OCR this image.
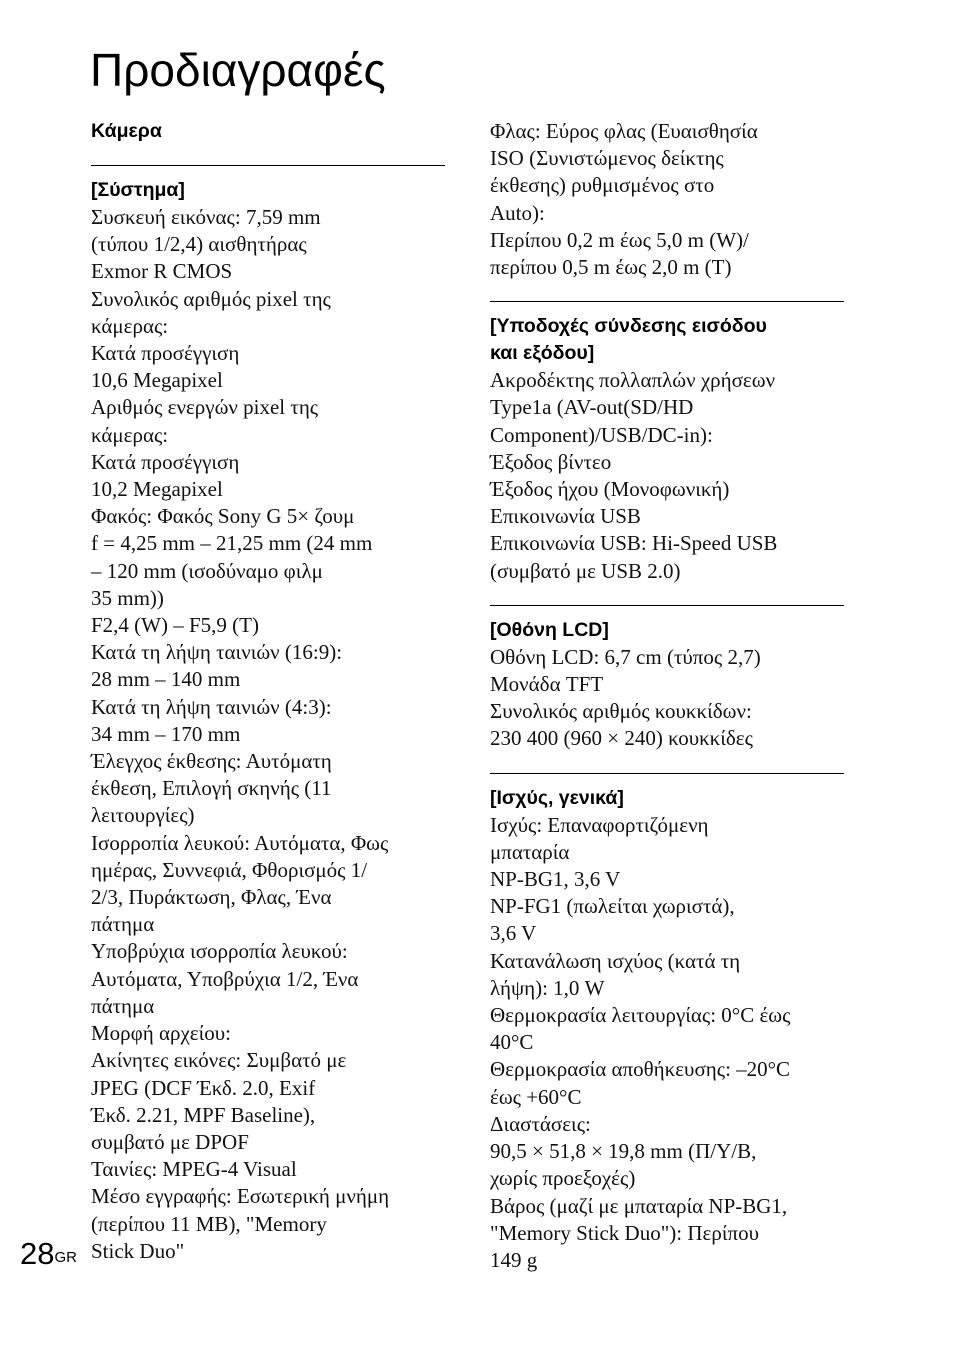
Προδιαγραφές
Κάμερα
[Σύστημα]
Συσκευή εικόνας: 7,59 mm
(τύπου 1/2,4) αισθητήρας
Exmor R CMOS
Συνολικός αριθμός pixel της
κάμερας:
Κατά προσέγγιση
10,6 Megapixel
Αριθμός ενεργών pixel της
κάμερας:
Κατά προσέγγιση
10,2 Megapixel
Φακός: Φακός Sony G 5× ζουμ
f = 4,25 mm – 21,25 mm (24 mm
– 120 mm (ισοδύναμο φιλμ
35 mm))
F2,4 (W) – F5,9 (T)
Κατά τη λήψη ταινιών (16:9):
28 mm – 140 mm
Κατά τη λήψη ταινιών (4:3):
34 mm – 170 mm
Έλεγχος έκθεσης: Αυτόματη
έκθεση, Επιλογή σκηνής (11
λειτουργίες)
Ισορροπία λευκού: Αυτόματα, Φως
ημέρας, Συννεφιά, Φθορισμός 1/
2/3, Πυράκτωση, Φλας, Ένα
πάτημα
Υποβρύχια ισορροπία λευκού:
Αυτόματα, Υποβρύχια 1/2, Ένα
πάτημα
Μορφή αρχείου:
Ακίνητες εικόνες: Συμβατό με
JPEG (DCF Έκδ. 2.0, Exif
Έκδ. 2.21, MPF Baseline),
συμβατό με DPOF
Ταινίες: MPEG-4 Visual
Μέσο εγγραφής: Εσωτερική μνήμη
(περίπου 11 MB), "Memory
Stick Duo"
Φλας: Εύρος φλας (Ευαισθησία
ISO (Συνιστώμενος δείκτης
έκθεσης) ρυθμισμένος στο
Auto):
Περίπου 0,2 m έως 5,0 m (W)/
περίπου 0,5 m έως 2,0 m (T)
[Υποδοχές σύνδεσης εισόδου
και εξόδου]
Ακροδέκτης πολλαπλών χρήσεων
Type1a (AV-out(SD/HD
Component)/USB/DC-in):
Έξοδος βίντεο
Έξοδος ήχου (Μονοφωνική)
Επικοινωνία USB
Επικοινωνία USB: Hi-Speed USB
(συμβατό με USB 2.0)
[Οθόνη LCD]
Οθόνη LCD: 6,7 cm (τύπος 2,7)
Μονάδα TFT
Συνολικός αριθμός κουκκίδων:
230 400 (960 × 240) κουκκίδες
[Ισχύς, γενικά]
Ισχύς: Επαναφορτιζόμενη
μπαταρία
NP-BG1, 3,6 V
NP-FG1 (πωλείται χωριστά),
3,6 V
Κατανάλωση ισχύος (κατά τη
λήψη): 1,0 W
Θερμοκρασία λειτουργίας: 0°C έως
40°C
Θερμοκρασία αποθήκευσης: –20°C
έως +60°C
Διαστάσεις:
90,5 × 51,8 × 19,8 mm (Π/Υ/Β,
χωρίς προεξοχές)
Βάρος (μαζί με μπαταρία NP-BG1,
"Memory Stick Duo"): Περίπου
149 g
$28^{GR}$
